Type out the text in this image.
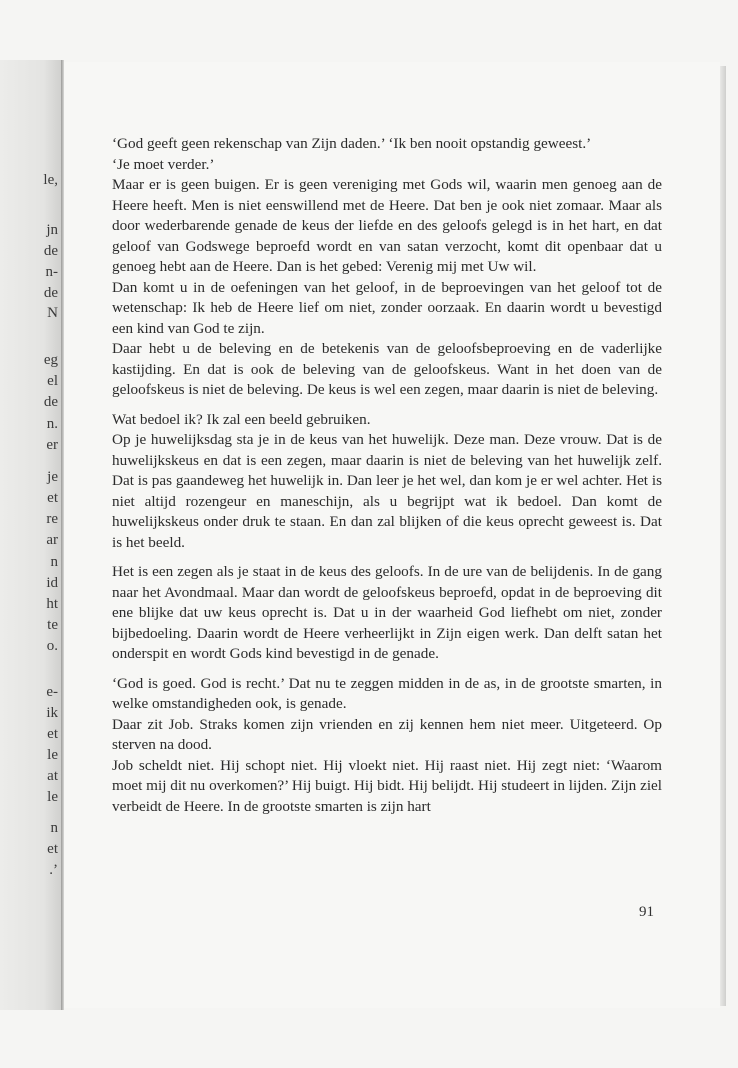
le,
jn
de
n-
de
N
eg
el
de
n.
er
je
et
re
ar
n
id
ht
te
o.
e-
ik
et
le
at
le
n
et
.’

‘God geeft geen rekenschap van Zijn daden.’ ‘Ik ben nooit opstandig geweest.’

‘Je moet verder.’

Maar er is geen buigen. Er is geen vereniging met Gods wil, waarin men genoeg aan de Heere heeft. Men is niet eenswillend met de Heere. Dat ben je ook niet zomaar. Maar als door wederbarende genade de keus der liefde en des geloofs gelegd is in het hart, en dat geloof van Godswege beproefd wordt en van satan verzocht, komt dit openbaar dat u genoeg hebt aan de Heere. Dan is het gebed: Verenig mij met Uw wil.

Dan komt u in de oefeningen van het geloof, in de beproevingen van het geloof tot de wetenschap: Ik heb de Heere lief om niet, zonder oorzaak. En daarin wordt u bevestigd een kind van God te zijn.

Daar hebt u de beleving en de betekenis van de geloofsbeproeving en de vaderlijke kastijding. En dat is ook de beleving van de geloofskeus. Want in het doen van de geloofskeus is niet de beleving. De keus is wel een zegen, maar daarin is niet de beleving.

Wat bedoel ik? Ik zal een beeld gebruiken.

Op je huwelijksdag sta je in de keus van het huwelijk. Deze man. Deze vrouw. Dat is de huwelijkskeus en dat is een zegen, maar daarin is niet de beleving van het huwelijk zelf. Dat is pas gaandeweg het huwelijk in. Dan leer je het wel, dan kom je er wel achter. Het is niet altijd rozengeur en maneschijn, als u begrijpt wat ik bedoel. Dan komt de huwelijkskeus onder druk te staan. En dan zal blijken of die keus oprecht geweest is. Dat is het beeld.

Het is een zegen als je staat in de keus des geloofs. In de ure van de belijdenis. In de gang naar het Avondmaal. Maar dan wordt de geloofskeus beproefd, opdat in de beproeving dit ene blijke dat uw keus oprecht is. Dat u in der waarheid God liefhebt om niet, zonder bijbedoeling. Daarin wordt de Heere verheerlijkt in Zijn eigen werk. Dan delft satan het onderspit en wordt Gods kind bevestigd in de genade.

‘God is goed. God is recht.’ Dat nu te zeggen midden in de as, in de grootste smarten, in welke omstandigheden ook, is genade.

Daar zit Job. Straks komen zijn vrienden en zij kennen hem niet meer. Uitgeteerd. Op sterven na dood.

Job scheldt niet. Hij schopt niet. Hij vloekt niet. Hij raast niet. Hij zegt niet: ‘Waarom moet mij dit nu overkomen?’ Hij buigt. Hij bidt. Hij belijdt. Hij studeert in lijden. Zijn ziel verbeidt de Heere. In de grootste smarten is zijn hart

91
